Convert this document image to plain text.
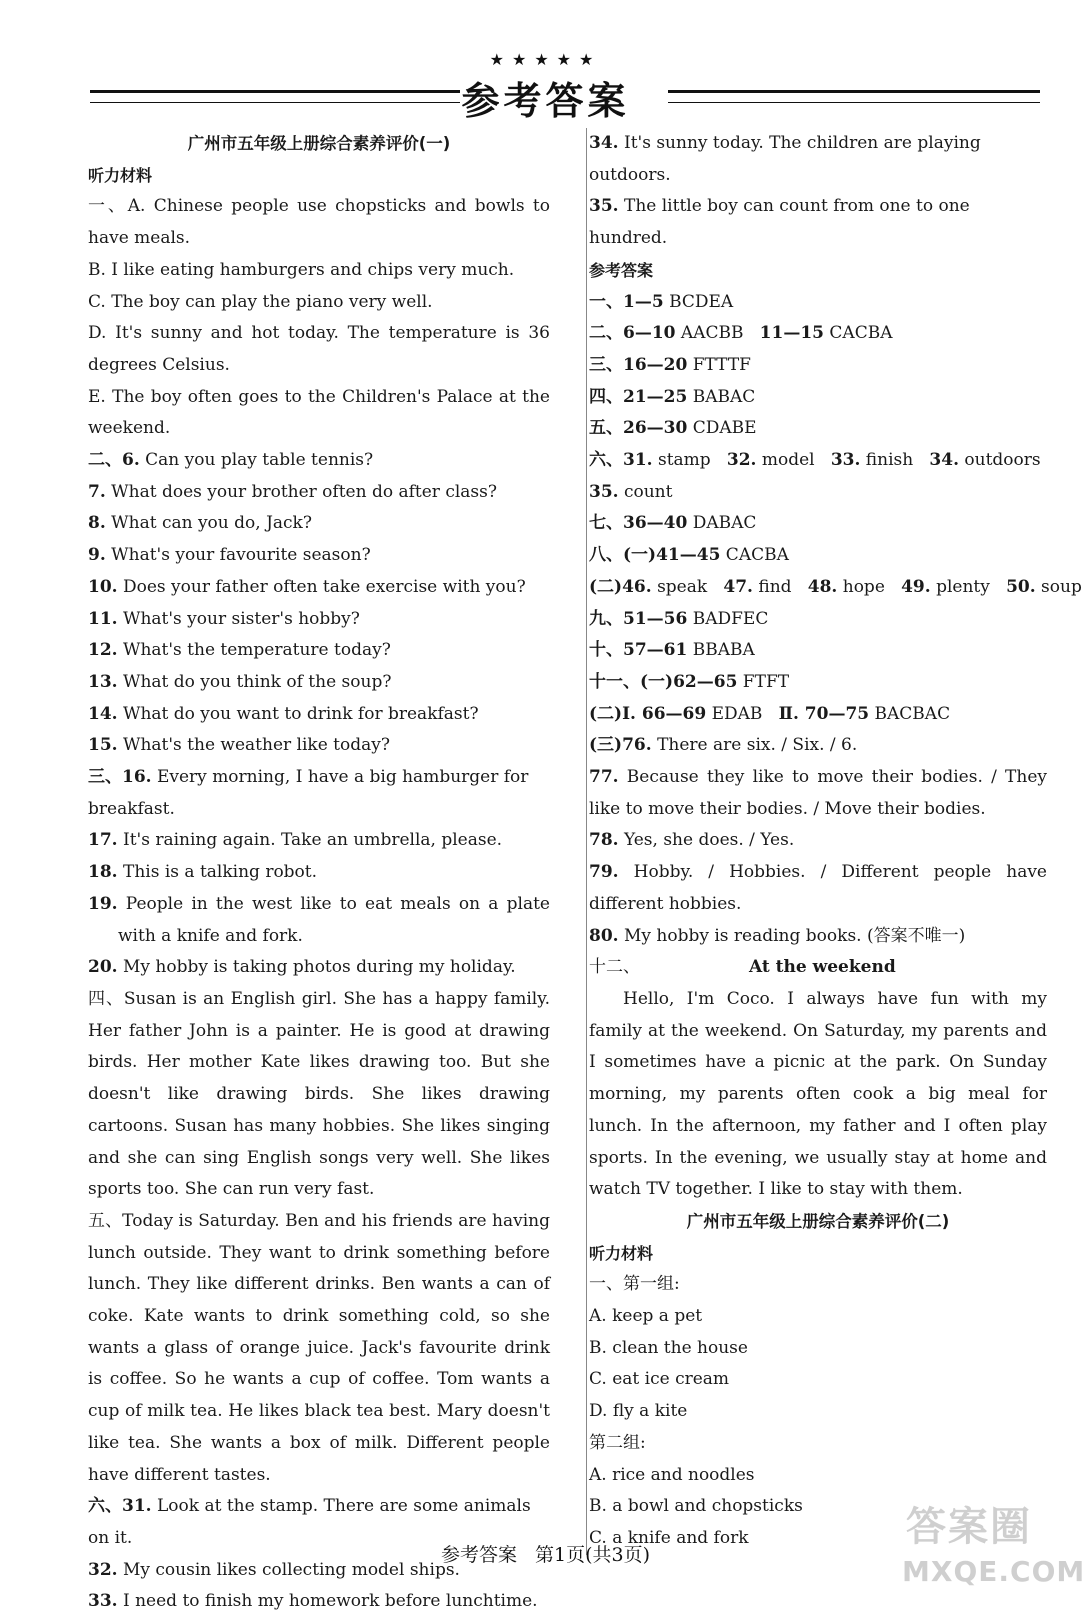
★★★★★
参考答案
广州市五年级上册综合素养评价(一)
听力材料
一、A. Chinese people use chopsticks and bowls to have meals.
B. I like eating hamburgers and chips very much.
C. The boy can play the piano very well.
D. It's sunny and hot today. The temperature is 36 degrees Celsius.
E. The boy often goes to the Children's Palace at the weekend.
二、6. Can you play table tennis?
7. What does your brother often do after class?
8. What can you do, Jack?
9. What's your favourite season?
10. Does your father often take exercise with you?
11. What's your sister's hobby?
12. What's the temperature today?
13. What do you think of the soup?
14. What do you want to drink for breakfast?
15. What's the weather like today?
三、16. Every morning, I have a big hamburger for breakfast.
17. It's raining again. Take an umbrella, please.
18. This is a talking robot.
19. People in the west like to eat meals on a plate with a knife and fork.
20. My hobby is taking photos during my holiday.
四、Susan is an English girl. She has a happy family. Her father John is a painter. He is good at drawing birds. Her mother Kate likes drawing too. But she doesn't like drawing birds. She likes drawing cartoons. Susan has many hobbies. She likes singing and she can sing English songs very well. She likes sports too. She can run very fast.
五、Today is Saturday. Ben and his friends are having lunch outside. They want to drink something before lunch. They like different drinks. Ben wants a can of coke. Kate wants to drink something cold, so she wants a glass of orange juice. Jack's favourite drink is coffee. So he wants a cup of coffee. Tom wants a cup of milk tea. He likes black tea best. Mary doesn't like tea. She wants a box of milk. Different people have different tastes.
六、31. Look at the stamp. There are some animals on it.
32. My cousin likes collecting model ships.
33. I need to finish my homework before lunchtime.
34. It's sunny today. The children are playing outdoors.
35. The little boy can count from one to one hundred.
参考答案
一、1—5 BCDEA
二、6—10 AACBB   11—15 CACBA
三、16—20 FTTTF
四、21—25 BABAC
五、26—30 CDABE
六、31. stamp   32. model   33. finish   34. outdoors
35. count
七、36—40 DABAC
八、(一)41—45 CACBA
(二)46. speak   47. find   48. hope   49. plenty   50. soup
九、51—56 BADFEC
十、57—61 BBABA
十一、(一)62—65 FTFT
(二)Ⅰ. 66—69 EDAB   Ⅱ. 70—75 BACBAC
(三)76. There are six. / Six. / 6.
77. Because they like to move their bodies. / They like to move their bodies. / Move their bodies.
78. Yes, she does. / Yes.
79. Hobby. / Hobbies. / Different people have different hobbies.
80. My hobby is reading books. (答案不唯一)
十二、	At the weekend
Hello, I'm Coco. I always have fun with my family at the weekend. On Saturday, my parents and I sometimes have a picnic at the park. On Sunday morning, my parents often cook a big meal for lunch. In the afternoon, my father and I often play sports. In the evening, we usually stay at home and watch TV together. I like to stay with them.
广州市五年级上册综合素养评价(二)
听力材料
一、第一组:
A. keep a pet
B. clean the house
C. eat ice cream
D. fly a kite
第二组:
A. rice and noodles
B. a bowl and chopsticks
C. a knife and fork
参考答案   第1页(共3页)
答案圈
MXQE.COM
